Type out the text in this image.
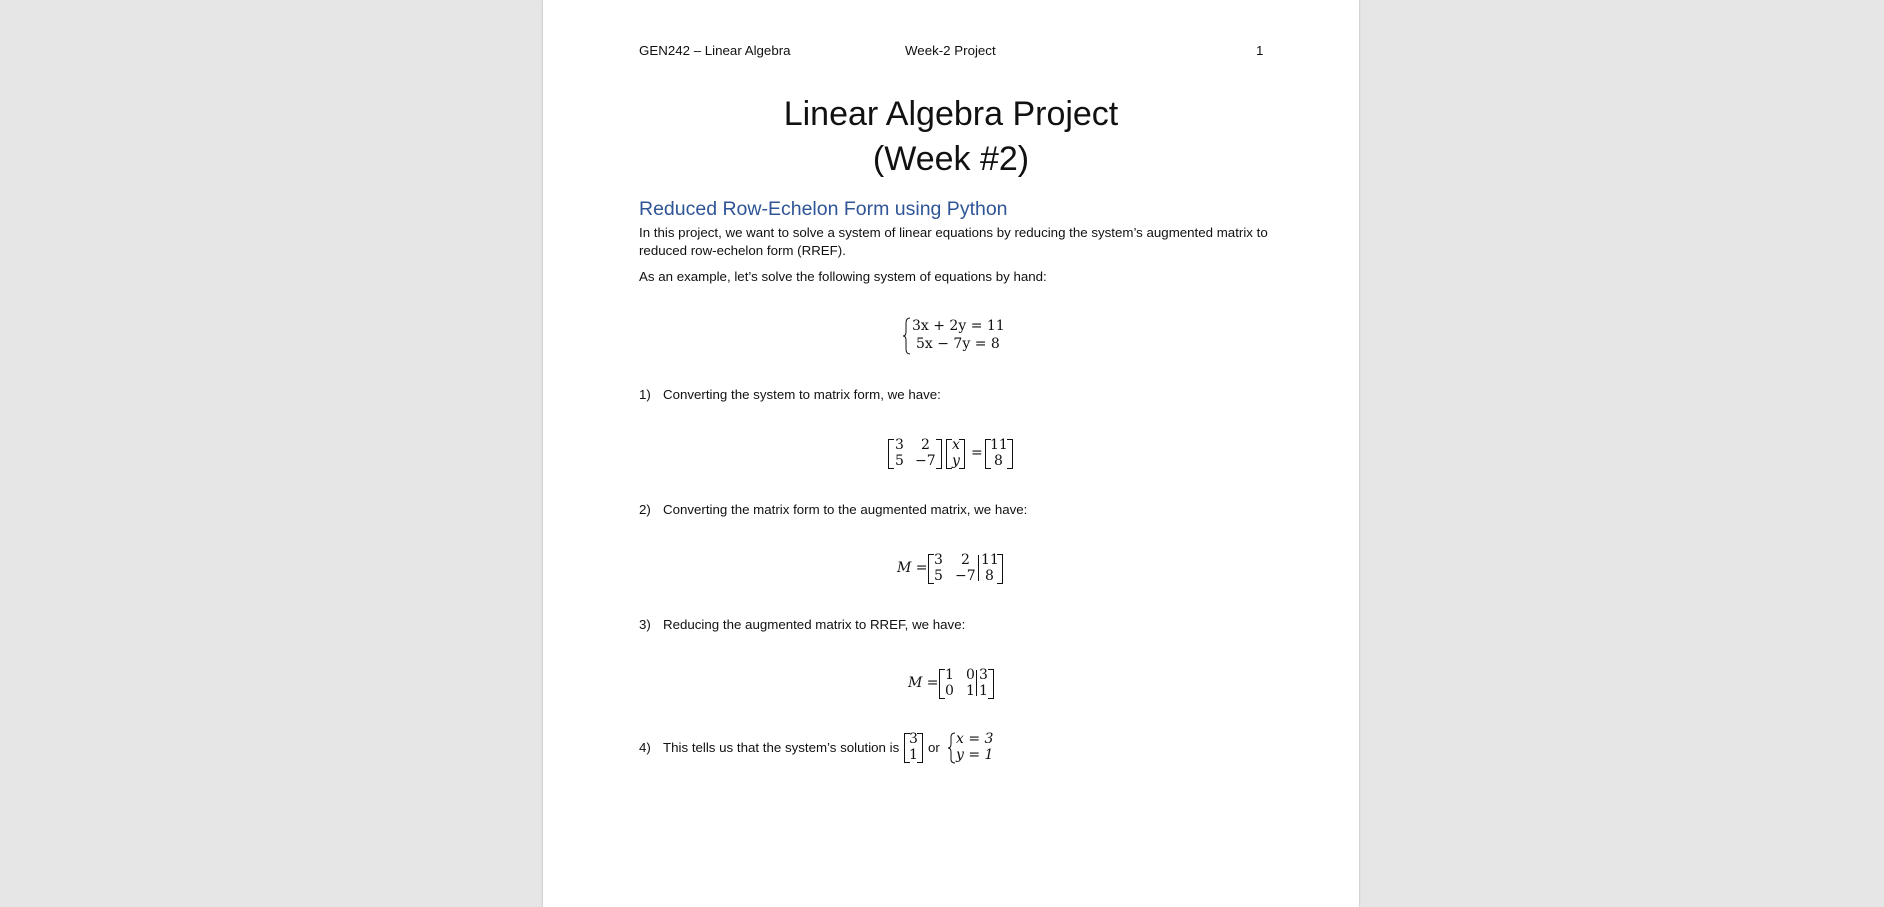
GEN242 – Linear Algebra	Week-2 Project	1
Linear Algebra Project
(Week #2)
Reduced Row-Echelon Form using Python
In this project, we want to solve a system of linear equations by reducing the system’s augmented matrix to reduced row-echelon form (RREF).
As an example, let’s solve the following system of equations by hand:
3x + 2y = 11
5x − 7y = 8
1) Converting the system to matrix form, we have:
3 2
5 −7
x
y = 11
8
2) Converting the matrix form to the augmented matrix, we have:
M = 3 2
5 −7
11
8
3) Reducing the augmented matrix to RREF, we have:
M = 1 0
0 1
3
1
4) This tells us that the system’s solution is
3
1 or
x = 3
y = 1
